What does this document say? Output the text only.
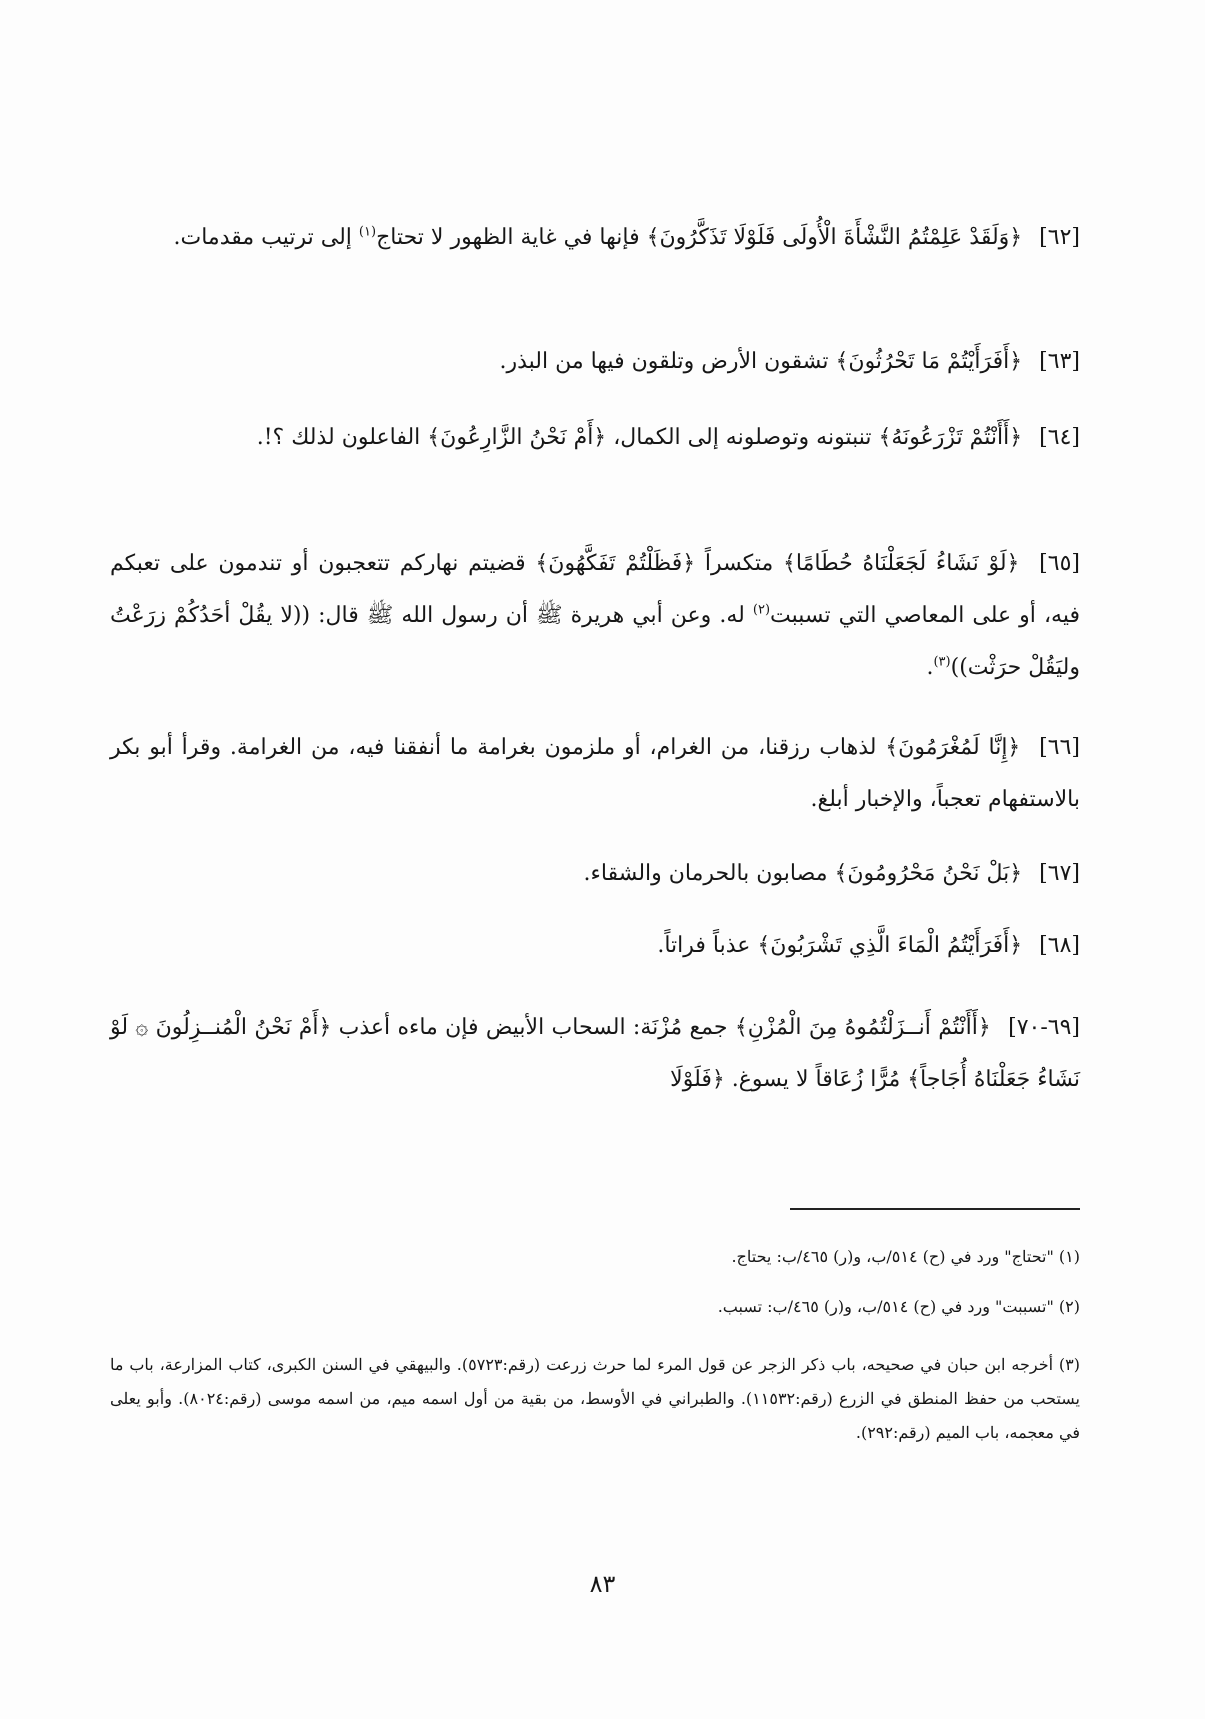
[٦٢] ﴿وَلَقَدْ عَلِمْتُمُ النَّشْأَةَ الْأُولَى فَلَوْلَا تَذَكَّرُونَ﴾ فإنها في غاية الظهور لا تحتاج$^{(١)}$ إلى ترتيب مقدمات.

[٦٣] ﴿أَفَرَأَيْتُمْ مَا تَحْرُثُونَ﴾ تشقون الأرض وتلقون فيها من البذر.

[٦٤] ﴿أَأَنْتُمْ تَزْرَعُونَهُ﴾ تنبتونه وتوصلونه إلى الكمال، ﴿أَمْ نَحْنُ الزَّارِعُونَ﴾ الفاعلون لذلك ؟!.

[٦٥] ﴿لَوْ نَشَاءُ لَجَعَلْنَاهُ حُطَامًا﴾ متكسراً ﴿فَظَلْتُمْ تَفَكَّهُونَ﴾ قضيتم نهاركم تتعجبون أو تندمون على تعبكم فيه، أو على المعاصي التي تسببت$^{(٢)}$ له. وعن أبي هريرة ﷺ أن رسول الله ﷺ قال: ((لا يقُلْ أحَدُكُمْ زرَعْتُ وليَقُلْ حرَثْت))$^{(٣)}$.

[٦٦] ﴿إِنَّا لَمُغْرَمُونَ﴾ لذهاب رزقنا، من الغرام، أو ملزمون بغرامة ما أنفقنا فيه، من الغرامة. وقرأ أبو بكر بالاستفهام تعجباً، والإخبار أبلغ.

[٦٧] ﴿بَلْ نَحْنُ مَحْرُومُونَ﴾ مصابون بالحرمان والشقاء.

[٦٨] ﴿أَفَرَأَيْتُمُ الْمَاءَ الَّذِي تَشْرَبُونَ﴾ عذباً فراتاً.

[٦٩-٧٠] ﴿أَأَنْتُمْ أَنــزَلْتُمُوهُ مِنَ الْمُزْنِ﴾ جمع مُزْنَة: السحاب الأبيض فإن ماءه أعذب ﴿أَمْ نَحْنُ الْمُنــزِلُونَ ۞ لَوْ نَشَاءُ جَعَلْنَاهُ أُجَاجاً﴾ مُرًّا زُعَاقاً لا يسوغ. ﴿فَلَوْلَا

(١) "تحتاج" ورد في (ح) ٥١٤/ب، و(ر) ٤٦٥/ب: يحتاج.

(٢) "تسببت" ورد في (ح) ٥١٤/ب، و(ر) ٤٦٥/ب: تسبب.

(٣) أخرجه ابن حبان في صحيحه، باب ذكر الزجر عن قول المرء لما حرث زرعت (رقم:٥٧٢٣). والبيهقي في السنن الكبرى، كتاب المزارعة، باب ما يستحب من حفظ المنطق في الزرع (رقم:١١٥٣٢). والطبراني في الأوسط، من بقية من أول اسمه ميم، من اسمه موسى (رقم:٨٠٢٤). وأبو يعلى في معجمه، باب الميم (رقم:٢٩٢).

٨٣
